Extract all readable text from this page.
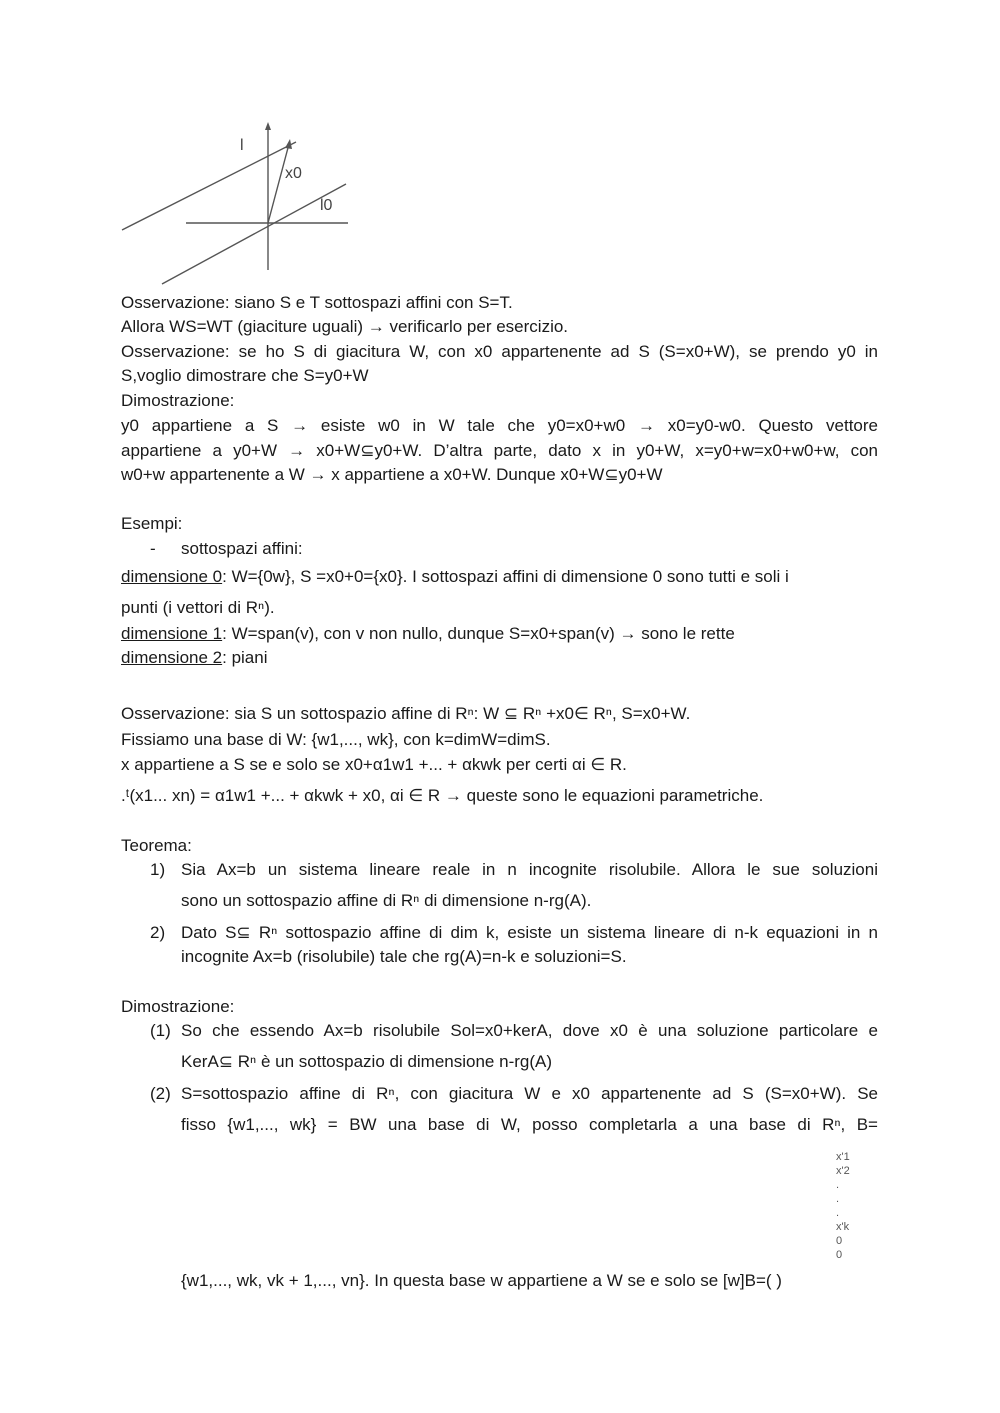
l
x0
l0
Osservazione: siano S e T sottospazi affini con S=T.
Allora WS=WT (giaciture uguali) → verificarlo per esercizio.
Osservazione: se ho S di giacitura W, con x0 appartenente ad S (S=x0+W), se prendo y0 in
S,voglio dimostrare che S=y0+W
Dimostrazione:
y0 appartiene a S → esiste w0 in W tale che y0=x0+w0 → x0=y0-w0. Questo vettore
appartiene a y0+W → x0+W⊆y0+W. D’altra parte, dato x in y0+W, x=y0+w=x0+w0+w, con
w0+w appartenente a W → x appartiene a x0+W. Dunque x0+W⊆y0+W
Esempi:
-	sottospazi affini:
dimensione 0: W={0w}, S =x0+0={x0}. I sottospazi affini di dimensione 0 sono tutti e soli i
punti (i vettori di Rⁿ).
dimensione 1: W=span(v), con v non nullo, dunque S=x0+span(v) → sono le rette
dimensione 2: piani
Osservazione: sia S un sottospazio affine di Rⁿ: W ⊆ Rⁿ +x0∈ Rⁿ, S=x0+W.
Fissiamo una base di W: {w1,..., wk}, con k=dimW=dimS.
x appartiene a S se e solo se x0+α1w1 +... + αkwk per certi αi ∈ R.
.ᵗ(x1... xn) = α1w1 +... + αkwk + x0, αi ∈ R → queste sono le equazioni parametriche.
Teorema:
1) Sia Ax=b un sistema lineare reale in n incognite risolubile. Allora le sue soluzioni
sono un sottospazio affine di Rⁿ di dimensione n-rg(A).
2) Dato S⊆ Rⁿ sottospazio affine di dim k, esiste un sistema lineare di n-k equazioni in n
incognite Ax=b (risolubile) tale che rg(A)=n-k e soluzioni=S.
Dimostrazione:
(1) So che essendo Ax=b risolubile Sol=x0+kerA, dove x0 è una soluzione particolare e
KerA⊆ Rⁿ è un sottospazio di dimensione n-rg(A)
(2) S=sottospazio affine di Rⁿ, con giacitura W e x0 appartenente ad S (S=x0+W). Se
fisso {w1,..., wk} = BW una base di W, posso completarla a una base di Rⁿ, B=
x'1
x'2
.
.
.
x'k
0
0
{w1,..., wk, vk + 1,..., vn}. In questa base w appartiene a W se e solo se [w]B=( )
